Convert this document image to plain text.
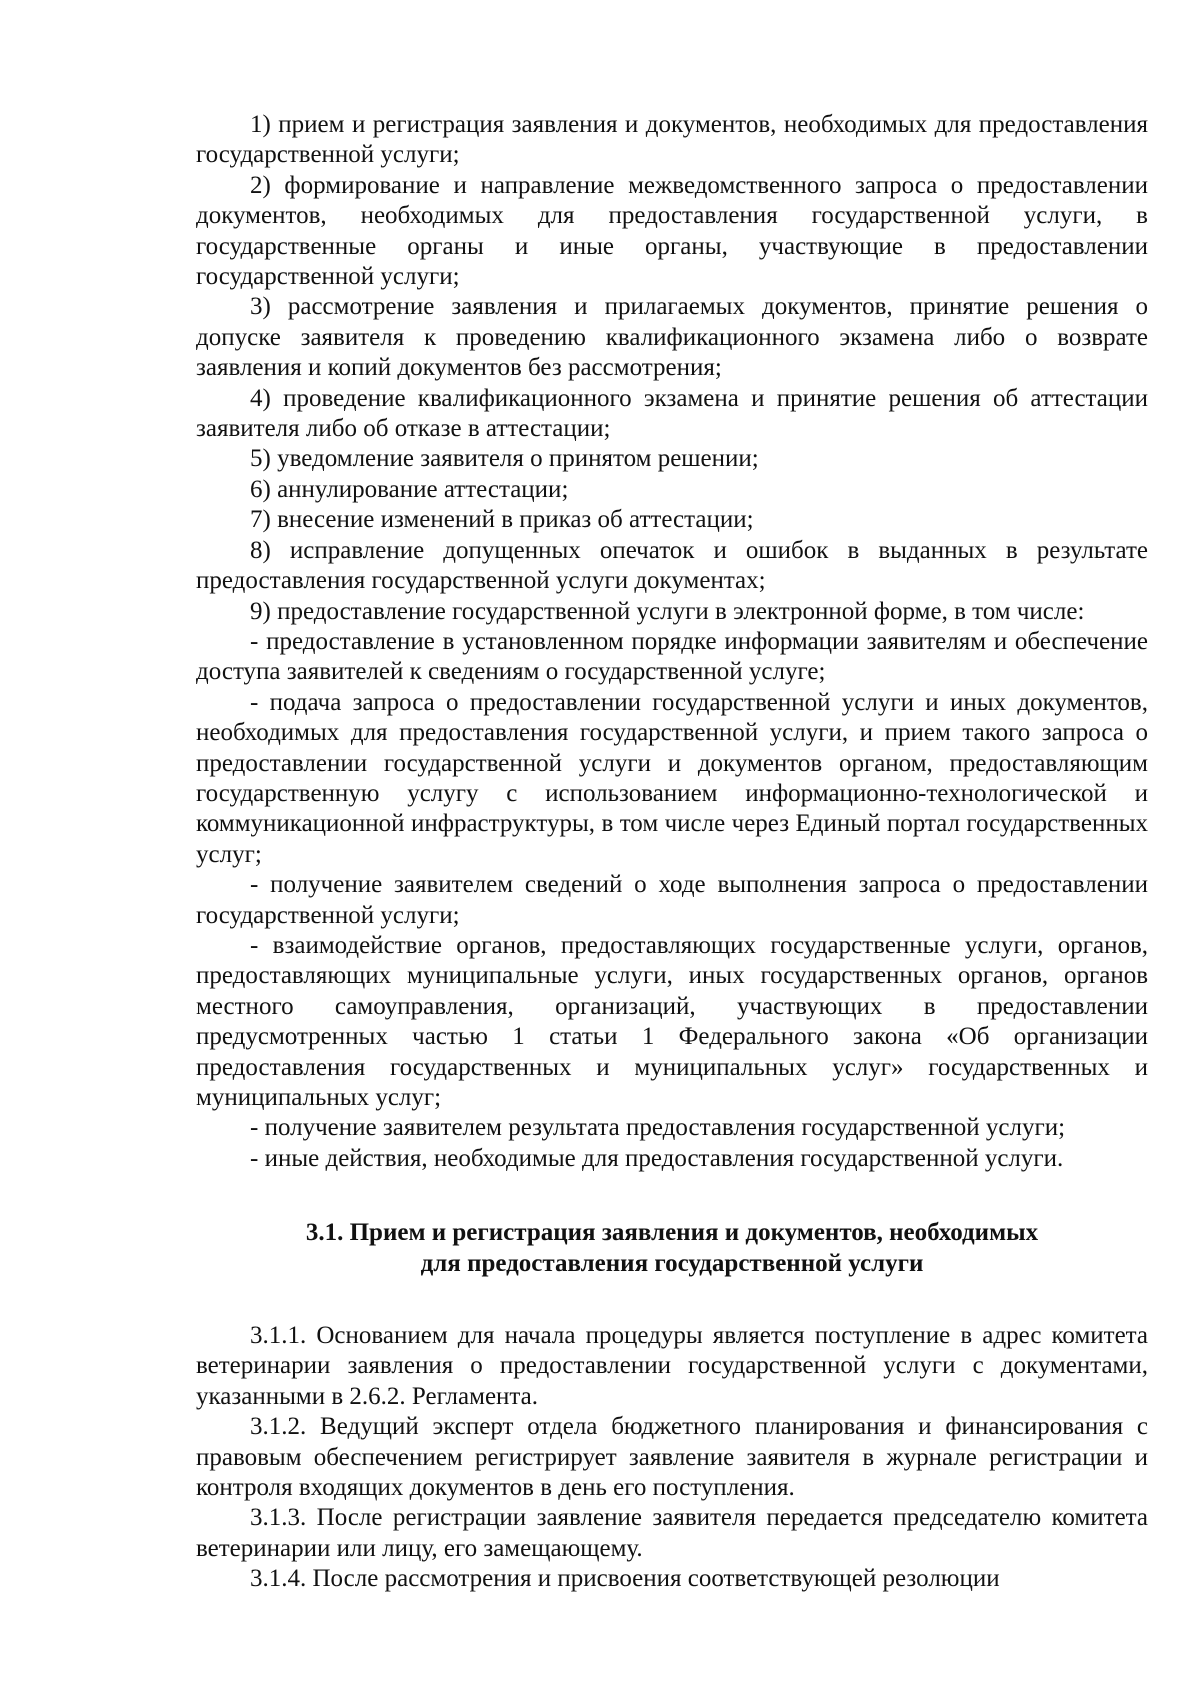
1) прием и регистрация заявления и документов, необходимых для предоставления государственной услуги;

2) формирование и направление межведомственного запроса о предоставлении документов, необходимых для предоставления государственной услуги, в государственные органы и иные органы, участвующие в предоставлении государственной услуги;

3) рассмотрение заявления и прилагаемых документов, принятие решения о допуске заявителя к проведению квалификационного экзамена либо о возврате заявления и копий документов без рассмотрения;

4) проведение квалификационного экзамена и принятие решения об аттестации заявителя либо об отказе в аттестации;

5) уведомление заявителя о принятом решении;

6) аннулирование аттестации;

7) внесение изменений в приказ об аттестации;

8) исправление допущенных опечаток и ошибок в выданных в результате предоставления государственной услуги документах;

9) предоставление государственной услуги в электронной форме, в том числе:

- предоставление в установленном порядке информации заявителям и обеспечение доступа заявителей к сведениям о государственной услуге;

- подача запроса о предоставлении государственной услуги и иных документов, необходимых для предоставления государственной услуги, и прием такого запроса о предоставлении государственной услуги и документов органом, предоставляющим государственную услугу с использованием информационно-технологической и коммуникационной инфраструктуры, в том числе через Единый портал государственных услуг;

- получение заявителем сведений о ходе выполнения запроса о предоставлении государственной услуги;

- взаимодействие органов, предоставляющих государственные услуги, органов, предоставляющих муниципальные услуги, иных государственных органов, органов местного самоуправления, организаций, участвующих в предоставлении предусмотренных частью 1 статьи 1 Федерального закона «Об организации предоставления государственных и муниципальных услуг» государственных и муниципальных услуг;

- получение заявителем результата предоставления государственной услуги;

- иные действия, необходимые для предоставления государственной услуги.

3.1. Прием и регистрация заявления и документов, необходимых
для предоставления государственной услуги

3.1.1. Основанием для начала процедуры является поступление в адрес комитета ветеринарии заявления о предоставлении государственной услуги с документами, указанными в 2.6.2. Регламента.

3.1.2. Ведущий эксперт отдела бюджетного планирования и финансирования с правовым обеспечением регистрирует заявление заявителя в журнале регистрации и контроля входящих документов в день его поступления.

3.1.3. После регистрации заявление заявителя передается председателю комитета ветеринарии или лицу, его замещающему.

3.1.4. После рассмотрения и присвоения соответствующей резолюции
